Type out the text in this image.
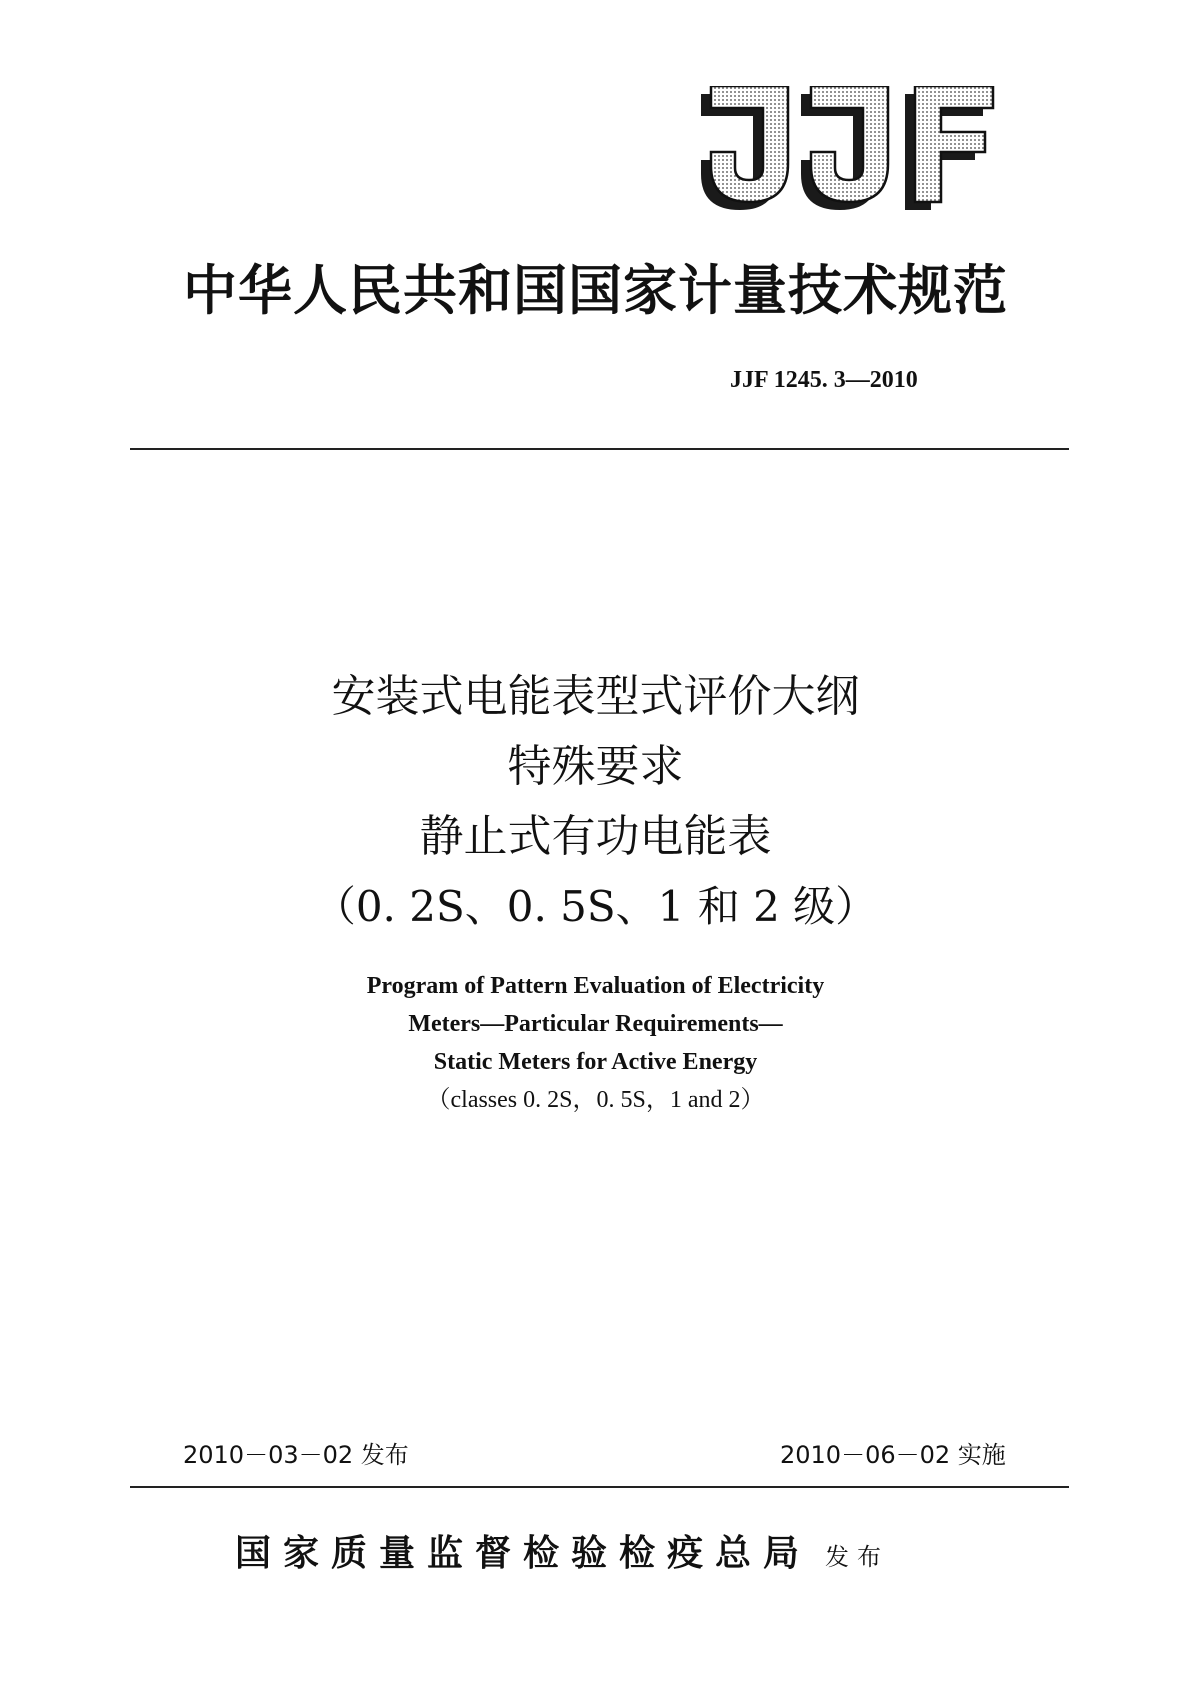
中华人民共和国国家计量技术规范
JJF 1245. 3—2010
安装式电能表型式评价大纲
特殊要求
静止式有功电能表
（0. 2S、0. 5S、1 和 2 级）
Program of Pattern Evaluation of Electricity
Meters—Particular Requirements—
Static Meters for Active Energy
（classes 0. 2S，0. 5S，1 and 2）
2010－03－02 发布	2010－06－02 实施
国家质量监督检验检疫总局 发布
